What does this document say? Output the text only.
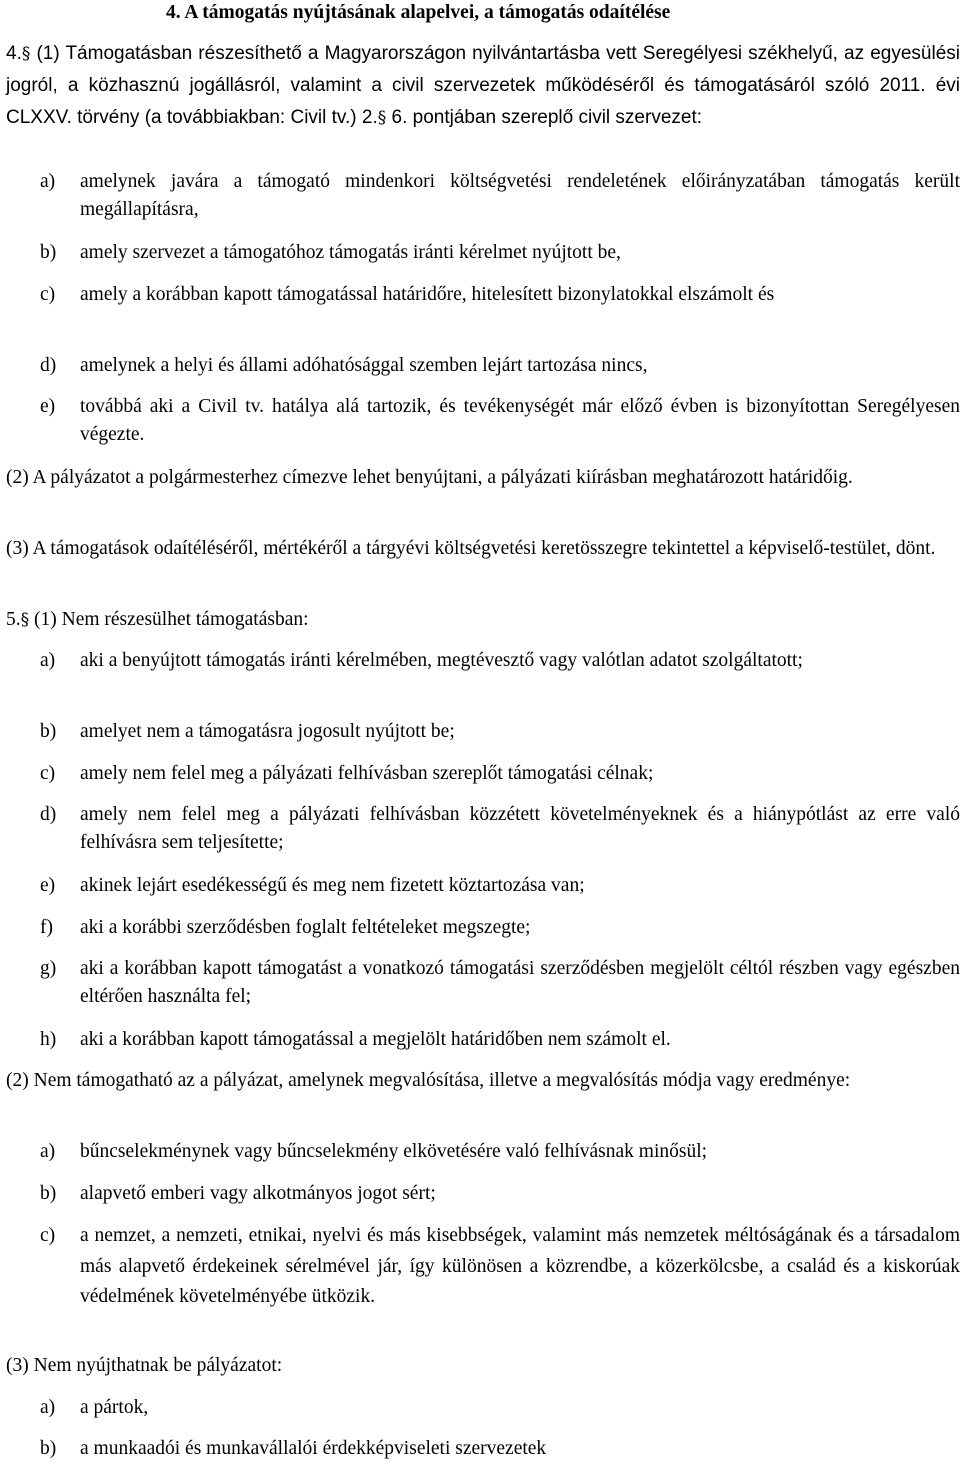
4. A támogatás nyújtásának alapelvei, a támogatás odaítélése

4.§ (1) Támogatásban részesíthető a Magyarországon nyilvántartásba vett Seregélyesi székhelyű, az egyesülési jogról, a közhasznú jogállásról, valamint a civil szervezetek működéséről és támogatásáról szóló 2011. évi CLXXV. törvény (a továbbiakban: Civil tv.) 2.§ 6. pontjában szereplő civil szervezet:

a)	amelynek javára a támogató mindenkori költségvetési rendeletének előirányzatában támogatás került megállapításra,
b)	amely szervezet a támogatóhoz támogatás iránti kérelmet nyújtott be,
c)	amely a korábban kapott támogatással határidőre, hitelesített bizonylatokkal elszámolt és
d)	amelynek a helyi és állami adóhatósággal szemben lejárt tartozása nincs,
e)	továbbá aki a Civil tv. hatálya alá tartozik, és tevékenységét már előző évben is bizonyítottan Seregélyesen végezte.

(2) A pályázatot a polgármesterhez címezve lehet benyújtani, a pályázati kiírásban meghatározott határidőig.

(3) A támogatások odaítéléséről, mértékéről a tárgyévi költségvetési keretösszegre tekintettel a képviselő-testület, dönt.

5.§ (1) Nem részesülhet támogatásban:

a)	aki a benyújtott támogatás iránti kérelmében, megtévesztő vagy valótlan adatot szolgáltatott;
b)	amelyet nem a támogatásra jogosult nyújtott be;
c)	amely nem felel meg a pályázati felhívásban szereplőt támogatási célnak;
d)	amely nem felel meg a pályázati felhívásban közzétett követelményeknek és a hiánypótlást az erre való felhívásra sem teljesítette;
e)	akinek lejárt esedékességű és meg nem fizetett köztartozása van;
f)	aki a korábbi szerződésben foglalt feltételeket megszegte;
g)	aki a korábban kapott támogatást a vonatkozó támogatási szerződésben megjelölt céltól részben vagy egészben eltérően használta fel;
h)	aki a korábban kapott támogatással a megjelölt határidőben nem számolt el.

(2) Nem támogatható az a pályázat, amelynek megvalósítása, illetve a megvalósítás módja vagy eredménye:

a)	bűncselekménynek vagy bűncselekmény elkövetésére való felhívásnak minősül;
b)	alapvető emberi vagy alkotmányos jogot sért;
c)	a nemzet, a nemzeti, etnikai, nyelvi és más kisebbségek, valamint más nemzetek méltóságának és a társadalom más alapvető érdekeinek sérelmével jár, így különösen a közrendbe, a közerkölcsbe, a család és a kiskorúak védelmének követelményébe ütközik.

(3) Nem nyújthatnak be pályázatot:

a)	a pártok,
b)	a munkaadói és munkavállalói érdekképviseleti szervezetek
